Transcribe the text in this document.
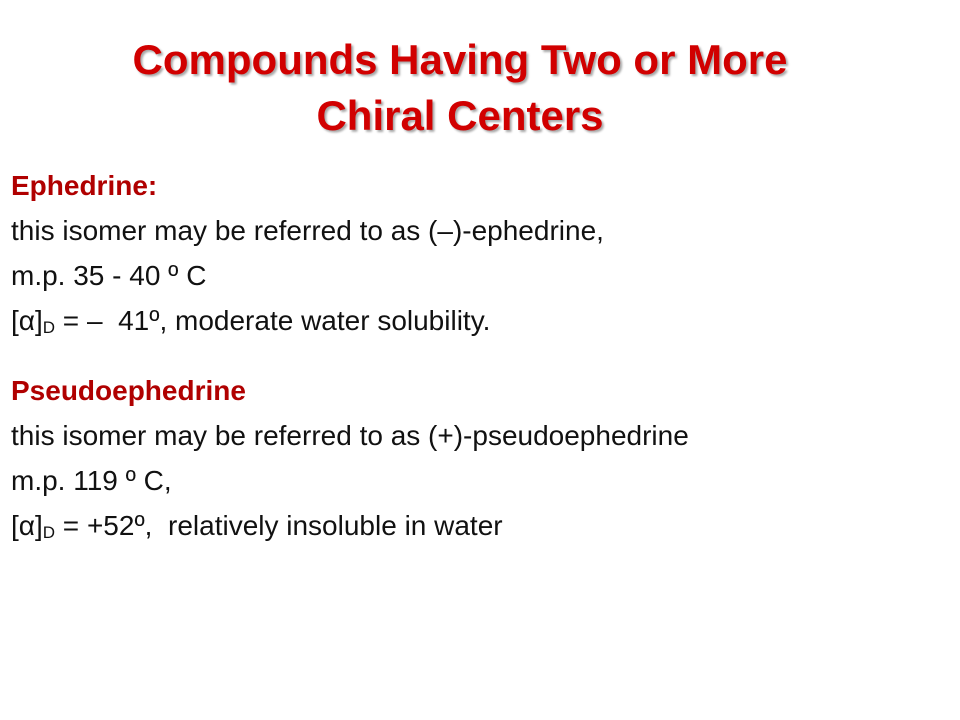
Compounds Having Two or More
Chiral Centers
Ephedrine:
this isomer may be referred to as (–)-ephedrine,
m.p. 35 - 40 º C
[α]D = –  41º, moderate water solubility.
Pseudoephedrine
this isomer may be referred to as (+)-pseudoephedrine
m.p. 119 º C,
[α]D = +52º,  relatively insoluble in water
